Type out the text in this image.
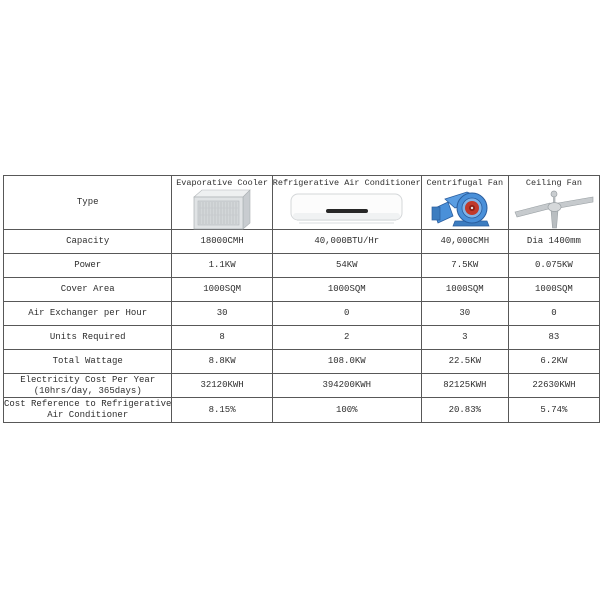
Type	Evaporative Cooler	Refrigerative Air Conditioner	Centrifugal Fan	Ceiling Fan

Capacity	18000CMH	40,000BTU/Hr	40,000CMH	Dia 1400mm

Power	1.1KW	54KW	7.5KW	0.075KW

Cover Area	1000SQM	1000SQM	1000SQM	1000SQM

Air Exchanger per Hour	30	0	30	0

Units Required	8	2	3	83

Total Wattage	8.8KW	108.0KW	22.5KW	6.2KW

Electricity Cost Per Year
(10hrs/day, 365days)	32120KWH	394200KWH	82125KWH	22630KWH

Cost Reference to Refrigerative
Air Conditioner	8.15%	100%	20.83%	5.74%
